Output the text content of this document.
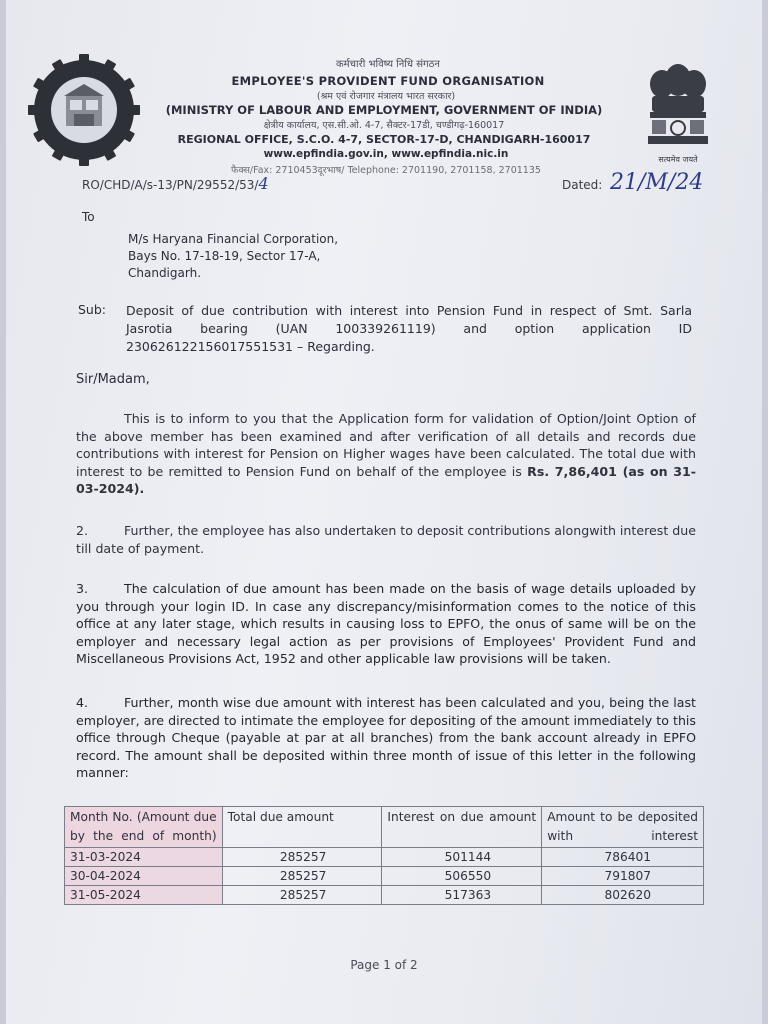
सत्यमेव जयते
कर्मचारी भविष्य निधि संगठन
EMPLOYEE'S PROVIDENT FUND ORGANISATION
(श्रम एवं रोजगार मंत्रालय भारत सरकार)
(MINISTRY OF LABOUR AND EMPLOYMENT, GOVERNMENT OF INDIA)
क्षेत्रीय कार्यालय, एस.सी.ओ. 4-7, सैक्टर-17डी, चण्डीगढ़-160017
REGIONAL OFFICE, S.C.O. 4-7, SECTOR-17-D, CHANDIGARH-160017
www.epfindia.gov.in, www.epfindia.nic.in
फैक्स/Fax: 2710453दूरभाष/ Telephone: 2701190, 2701158, 2701135
RO/CHD/A/s-13/PN/29552/53/4	Dated: 21/M/24
To
M/s Haryana Financial Corporation,
Bays No. 17-18-19, Sector 17-A,
Chandigarh.
Sub: Deposit of due contribution with interest into Pension Fund in respect of Smt. Sarla Jasrotia bearing (UAN 100339261119) and option application ID 230626122156017551531 – Regarding.
Sir/Madam,
This is to inform to you that the Application form for validation of Option/Joint Option of the above member has been examined and after verification of all details and records due contributions with interest for Pension on Higher wages have been calculated. The total due with interest to be remitted to Pension Fund on behalf of the employee is Rs. 7,86,401 (as on 31-03-2024).
2.	Further, the employee has also undertaken to deposit contributions alongwith interest due till date of payment.
3.	The calculation of due amount has been made on the basis of wage details uploaded by you through your login ID. In case any discrepancy/misinformation comes to the notice of this office at any later stage, which results in causing loss to EPFO, the onus of same will be on the employer and necessary legal action as per provisions of Employees' Provident Fund and Miscellaneous Provisions Act, 1952 and other applicable law provisions will be taken.
4.	Further, month wise due amount with interest has been calculated and you, being the last employer, are directed to intimate the employee for depositing of the amount immediately to this office through Cheque (payable at par at all branches) from the bank account already in EPFO record. The amount shall be deposited within three month of issue of this letter in the following manner:
Month No. (Amount due by the end of month)	Total due amount	Interest on due amount	Amount to be deposited with interest
31-03-2024	285257	501144	786401
30-04-2024	285257	506550	791807
31-05-2024	285257	517363	802620
Page 1 of 2
